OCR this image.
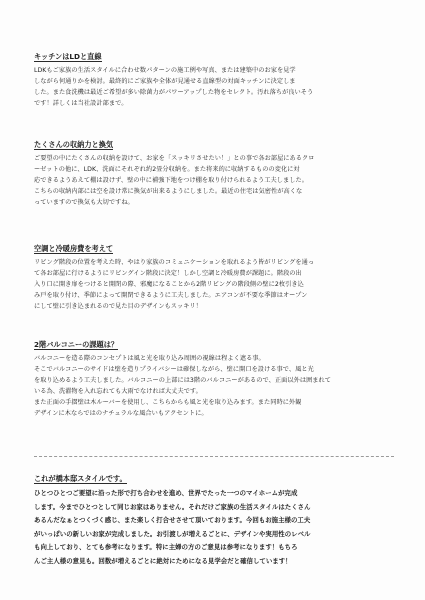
キッチンはLDと直線

LDKもご家族の生活スタイルに合わせ数パターンの施工例や写真、または建築中のお家を見学
しながら何通りかを検討。最終的にご家族や全体が見通せる直線型の対面キッチンに決定しま
した。また食洗機は最近ご希望が多い除菌力がパワーアップした物をセレクト。汚れ落ちが良いそう
です！詳しくは当社設計部まで。

たくさんの収納力と換気

ご要望の中にたくさんの収納を設けて、お家を「スッキリさせたい！」との事で各お部屋にあるクロ
ーゼットの他に、LDK、洗面にそれぞれ約2畳分収納を。また将来的に収納するものの変化に対
応できるようあえて棚は設けず、壁の中に補強下地をつけ棚を取り付けられるよう工夫しました。
こちらの収納内部には空を設け常に換気が出来るようにしました。最近の住宅は気密性が高くな
っていますので換気も大切ですね。

空調と冷暖房費を考えて

リビング階段の位置を考えた時、やはり家族のコミュニケーションを取れるよう皆がリビングを通っ
て各お部屋に行けるようにリビングイン階段に決定！しかし空調と冷暖房費が課題に。階段の出
入り口に開き扉をつけると開閉の際、邪魔になることから2階リビングの階段側の壁に2枚引き込
み戸を取り付け、季節によって開閉できるように工夫しました。エアコンが不要な季節はオープン
にして壁に引き込まれるので見た目のデザインもスッキリ！

2階バルコニーの課題は？

バルコニーを造る際のコンセプトは風と光を取り込み周囲の視線は程よく遮る事。
そこでバルコニーのサイドは壁を造りプライバシーは確保しながら、壁に開口を設ける事で、風と光
を取り込めるよう工夫しました。バルコニーの上部には3階のバルコニーがあるので、正面以外は囲まれて
いる為、洗濯物を入れ忘れても大雨でなければ大丈夫です。
また正面の手摺壁は木ルーバーを使用し、こちらからも風と光を取り込みます。また同時に外観
デザインに木ならではのナチュラルな風合いもアクセントに。

これが橋本邸スタイルです。

ひとつひとつご要望に沿った形で打ち合わせを進め、世界でたった一つのマイホームが完成
します。今までひとつとして同じお家はありません。それだけご家族の生活スタイルはたくさん
あるんだなぁとつくづく感じ、また楽しく打合せさせて頂いております。今回もお施主様の工夫
がいっぱいの新しいお家が完成しました。お引渡しが増えるごとに、デザインや実用性のレベル
も向上しており、とても参考になります。特に主婦の方のご意見は参考になります！もちろ
んご主人様の意見も。回数が増えるごとに絶対にためになる見学会だと確信しています！
